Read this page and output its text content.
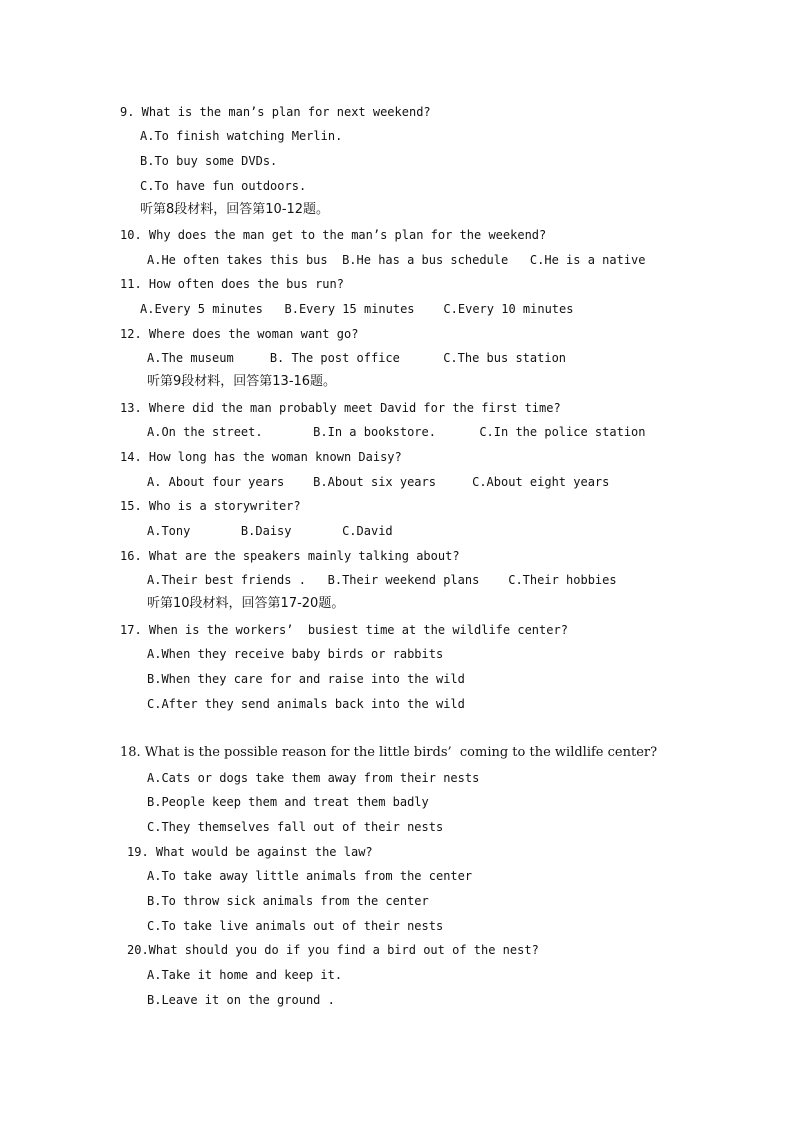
9. What is the man’s plan for next weekend?
A.To finish watching Merlin.
B.To buy some DVDs.
C.To have fun outdoors.
听第8段材料，回答第10-12题。
10. Why does the man get to the man’s plan for the weekend?
A.He often takes this bus  B.He has a bus schedule   C.He is a native
11. How often does the bus run?
A.Every 5 minutes   B.Every 15 minutes    C.Every 10 minutes
12. Where does the woman want go?
A.The museum     B. The post office      C.The bus station
听第9段材料，回答第13-16题。
13. Where did the man probably meet David for the first time?
A.On the street.       B.In a bookstore.      C.In the police station
14. How long has the woman known Daisy?
A. About four years    B.About six years     C.About eight years
15. Who is a storywriter?
A.Tony       B.Daisy       C.David
16. What are the speakers mainly talking about?
A.Their best friends .   B.Their weekend plans    C.Their hobbies
听第10段材料，回答第17-20题。
17. When is the workers’  busiest time at the wildlife center?
A.When they receive baby birds or rabbits
B.When they care for and raise into the wild
C.After they send animals back into the wild
18. What is the possible reason for the little birds’  coming to the wildlife center?
A.Cats or dogs take them away from their nests
B.People keep them and treat them badly
C.They themselves fall out of their nests
19. What would be against the law?
A.To take away little animals from the center
B.To throw sick animals from the center
C.To take live animals out of their nests
20.What should you do if you find a bird out of the nest?
A.Take it home and keep it.
B.Leave it on the ground .
